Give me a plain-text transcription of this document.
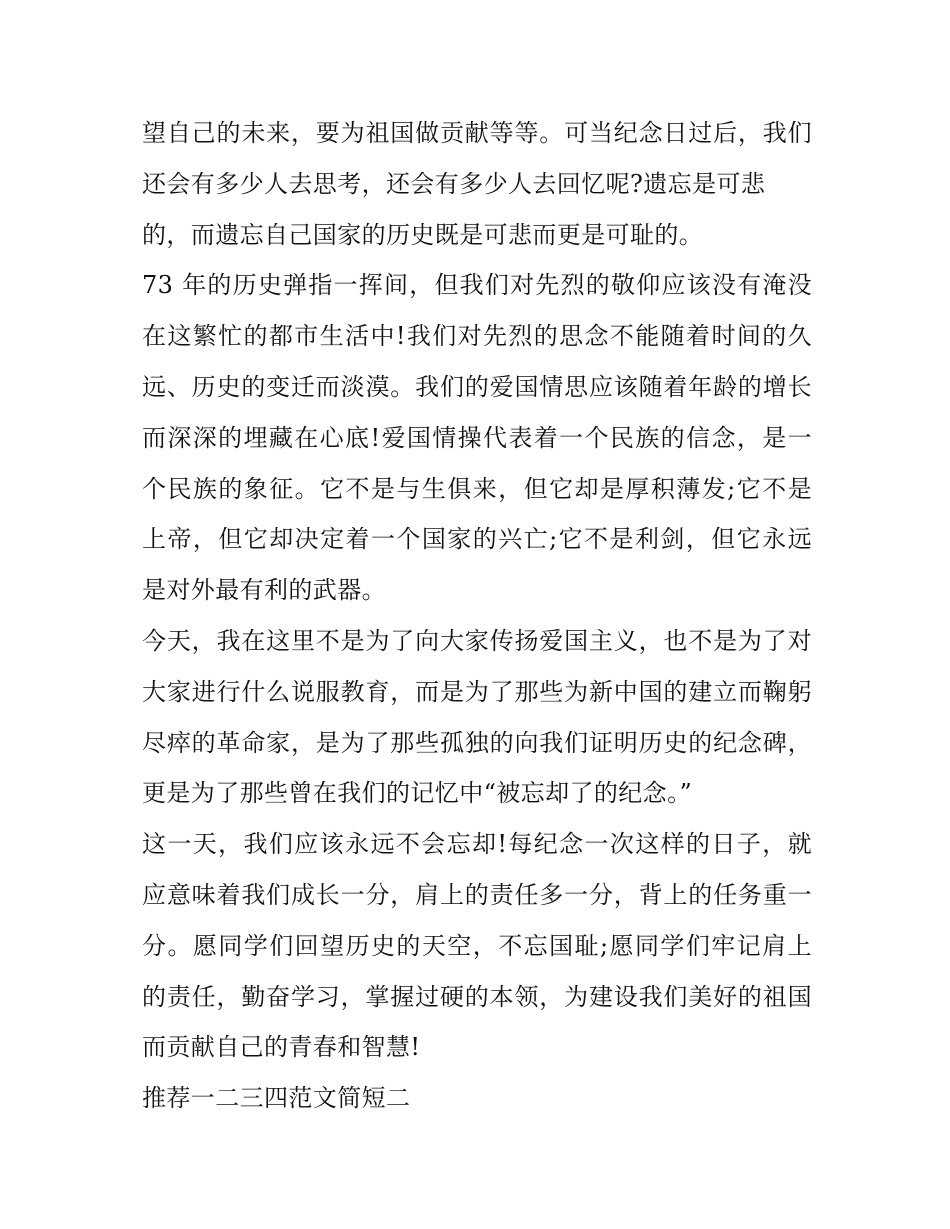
望自己的未来，要为祖国做贡献等等。可当纪念日过后，我们
还会有多少人去思考，还会有多少人去回忆呢?遗忘是可悲
的，而遗忘自己国家的历史既是可悲而更是可耻的。
73 年的历史弹指一挥间，但我们对先烈的敬仰应该没有淹没
在这繁忙的都市生活中!我们对先烈的思念不能随着时间的久
远、历史的变迁而淡漠。我们的爱国情思应该随着年龄的增长
而深深的埋藏在心底!爱国情操代表着一个民族的信念，是一
个民族的象征。它不是与生俱来，但它却是厚积薄发;它不是
上帝，但它却决定着一个国家的兴亡;它不是利剑，但它永远
是对外最有利的武器。
今天，我在这里不是为了向大家传扬爱国主义，也不是为了对
大家进行什么说服教育，而是为了那些为新中国的建立而鞠躬
尽瘁的革命家，是为了那些孤独的向我们证明历史的纪念碑，
更是为了那些曾在我们的记忆中“被忘却了的纪念。”
这一天，我们应该永远不会忘却!每纪念一次这样的日子，就
应意味着我们成长一分，肩上的责任多一分，背上的任务重一
分。愿同学们回望历史的天空，不忘国耻;愿同学们牢记肩上
的责任，勤奋学习，掌握过硬的本领，为建设我们美好的祖国
而贡献自己的青春和智慧!
推荐一二三四范文简短二
